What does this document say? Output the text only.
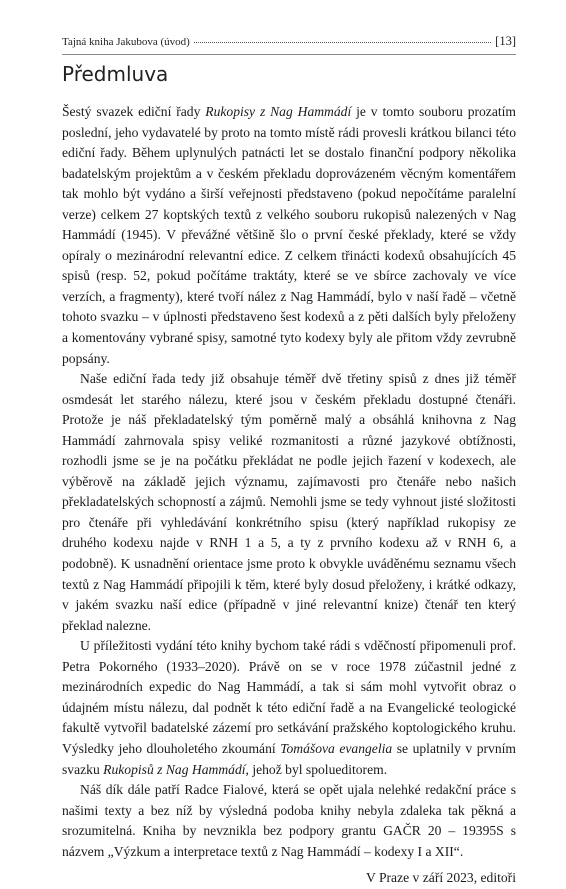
Tajná kniha Jakubova (úvod)	[13]
Předmluva

Šestý svazek ediční řady Rukopisy z Nag Hammádí je v tomto souboru prozatím poslední, jeho vydavatelé by proto na tomto místě rádi provesli krátkou bilanci této ediční řady. Během uplynulých patnácti let se dostalo finanční podpory několika badatelským projektům a v českém překladu doprovázeném věcným komentářem tak mohlo být vydáno a širší veřejnosti představeno (pokud nepočítáme paralelní verze) celkem 27 koptských textů z velkého souboru rukopisů nalezených v Nag Hammádí (1945). V převážné většině šlo o první české překlady, které se vždy opíraly o mezinárodní relevantní edice. Z celkem třinácti kodexů obsahujících 45 spisů (resp. 52, pokud počítáme traktáty, které se ve sbírce zachovaly ve více verzích, a fragmenty), které tvoří nález z Nag Hammádí, bylo v naší řadě – včetně tohoto svazku – v úplnosti představeno šest kodexů a z pěti dalších byly přeloženy a komentovány vybrané spisy, samotné tyto kodexy byly ale přitom vždy zevrubně popsány.

Naše ediční řada tedy již obsahuje téměř dvě třetiny spisů z dnes již téměř osmdesát let starého nálezu, které jsou v českém překladu dostupné čtenáři. Protože je náš překladatelský tým poměrně malý a obsáhlá knihovna z Nag Hammádí zahrnovala spisy veliké rozmanitosti a různé jazykové obtížnosti, rozhodli jsme se je na počátku překládat ne podle jejich řazení v kodexech, ale výběrově na základě jejich významu, zajímavosti pro čtenáře nebo našich překladatelských schopností a zájmů. Nemohli jsme se tedy vyhnout jisté složitosti pro čtenáře při vyhledávání konkrétního spisu (který například rukopisy ze druhého kodexu najde v RNH 1 a 5, a ty z prvního kodexu až v RNH 6, a podobně). K usnadnění orientace jsme proto k obvykle uváděnému seznamu všech textů z Nag Hammádí připojili k těm, které byly dosud přeloženy, i krátké odkazy, v jakém svazku naší edice (případně v jiné relevantní knize) čtenář ten který překlad nalezne.

U příležitosti vydání této knihy bychom také rádi s vděčností připomenuli prof. Petra Pokorného (1933–2020). Právě on se v roce 1978 zúčastnil jedné z mezinárodních expedic do Nag Hammádí, a tak si sám mohl vytvořit obraz o údajném místu nálezu, dal podnět k této ediční řadě a na Evangelické teologické fakultě vytvořil badatelské zázemí pro setkávání pražského koptologického kruhu. Výsledky jeho dlouholetého zkoumání Tomášova evangelia se uplatnily v prvním svazku Rukopisů z Nag Hammádí, jehož byl spolueditorem.

Náš dík dále patří Radce Fialové, která se opět ujala nelehké redakční práce s našimi texty a bez níž by výsledná podoba knihy nebyla zdaleka tak pěkná a srozumitelná. Kniha by nevznikla bez podpory grantu GAČR 20 – 19395S s názvem „Výzkum a interpretace textů z Nag Hammádí – kodexy I a XII“.

V Praze v září 2023, editoři
